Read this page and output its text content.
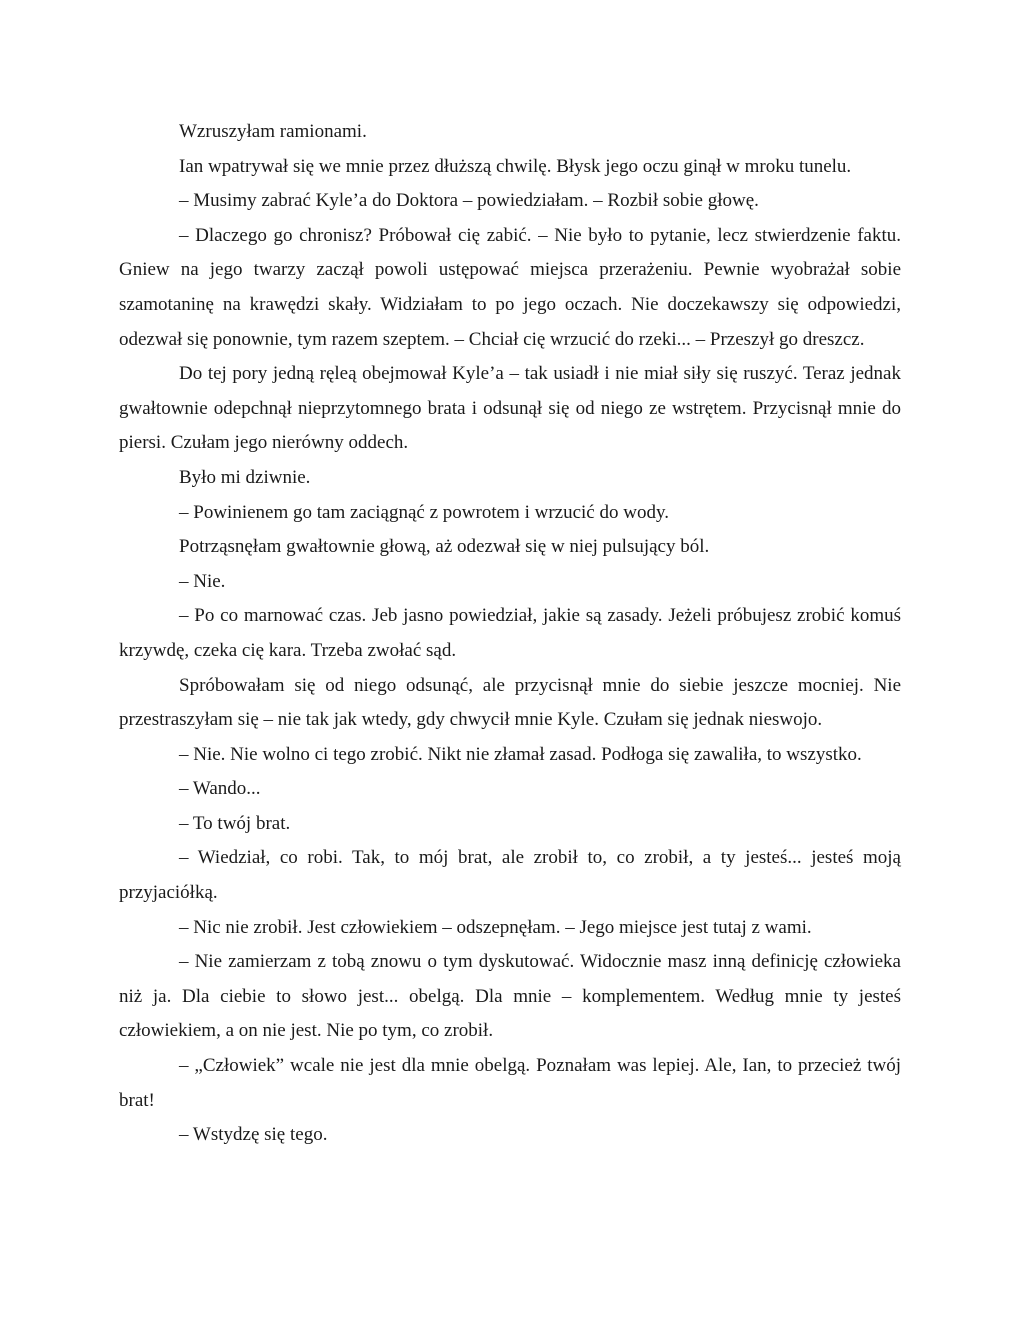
Wzruszyłam ramionami.

Ian wpatrywał się we mnie przez dłuższą chwilę. Błysk jego oczu ginął w mroku tunelu.

– Musimy zabrać Kyle’a do Doktora – powiedziałam. – Rozbił sobie głowę.

– Dlaczego go chronisz? Próbował cię zabić. – Nie było to pytanie, lecz stwierdzenie faktu. Gniew na jego twarzy zaczął powoli ustępować miejsca przerażeniu. Pewnie wyobrażał sobie szamotaninę na krawędzi skały. Widziałam to po jego oczach. Nie doczekawszy się odpowiedzi, odezwał się ponownie, tym razem szeptem. – Chciał cię wrzucić do rzeki... – Przeszył go dreszcz.

Do tej pory jedną ręleą obejmował Kyle’a – tak usiadł i nie miał siły się ruszyć. Teraz jednak gwałtownie odepchnął nieprzytomnego brata i odsunął się od niego ze wstrętem. Przycisnął mnie do piersi. Czułam jego nierówny oddech.

Było mi dziwnie.

– Powinienem go tam zaciągnąć z powrotem i wrzucić do wody.

Potrząsnęłam gwałtownie głową, aż odezwał się w niej pulsujący ból.

– Nie.

– Po co marnować czas. Jeb jasno powiedział, jakie są zasady. Jeżeli próbujesz zrobić komuś krzywdę, czeka cię kara. Trzeba zwołać sąd.

Spróbowałam się od niego odsunąć, ale przycisnął mnie do siebie jeszcze mocniej. Nie przestraszyłam się – nie tak jak wtedy, gdy chwycił mnie Kyle. Czułam się jednak nieswojo.

– Nie. Nie wolno ci tego zrobić. Nikt nie złamał zasad. Podłoga się zawaliła, to wszystko.

– Wando...

– To twój brat.

– Wiedział, co robi. Tak, to mój brat, ale zrobił to, co zrobił, a ty jesteś... jesteś moją przyjaciółką.

– Nic nie zrobił. Jest człowiekiem – odszepnęłam. – Jego miejsce jest tutaj z wami.

– Nie zamierzam z tobą znowu o tym dyskutować. Widocznie masz inną definicję człowieka niż ja. Dla ciebie to słowo jest... obelgą. Dla mnie – komplementem. Według mnie ty jesteś człowiekiem, a on nie jest. Nie po tym, co zrobił.

– „Człowiek” wcale nie jest dla mnie obelgą. Poznałam was lepiej. Ale, Ian, to przecież twój brat!

– Wstydzę się tego.
